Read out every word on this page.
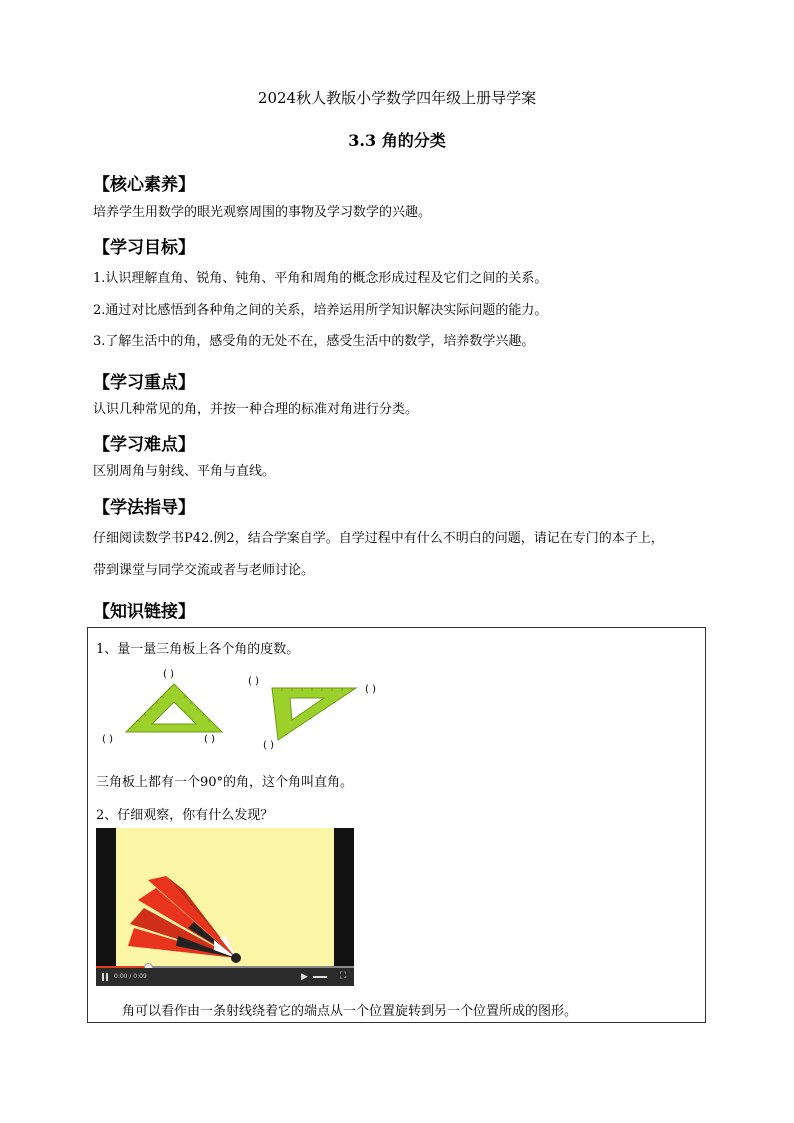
2024秋人教版小学数学四年级上册导学案
3.3 角的分类
【核心素养】
培养学生用数学的眼光观察周围的事物及学习数学的兴趣。
【学习目标】
1.认识理解直角、锐角、钝角、平角和周角的概念形成过程及它们之间的关系。
2.通过对比感悟到各种角之间的关系，培养运用所学知识解决实际问题的能力。
3.了解生活中的角，感受角的无处不在，感受生活中的数学，培养数学兴趣。
【学习重点】
认识几种常见的角，并按一种合理的标准对角进行分类。
【学习难点】
区别周角与射线、平角与直线。
【学法指导】
仔细阅读数学书P42.例2，结合学案自学。自学过程中有什么不明白的问题，请记在专门的本子上，
带到课堂与同学交流或者与老师讨论。
【知识链接】
1、量一量三角板上各个角的度数。
( )
( )	( )
( )
( )
( )
三角板上都有一个90°的角，这个角叫直角。
2、仔细观察，你有什么发现？
0:00 / 0:09	▶	⛶
角可以看作由一条射线绕着它的端点从一个位置旋转到另一个位置所成的图形。
